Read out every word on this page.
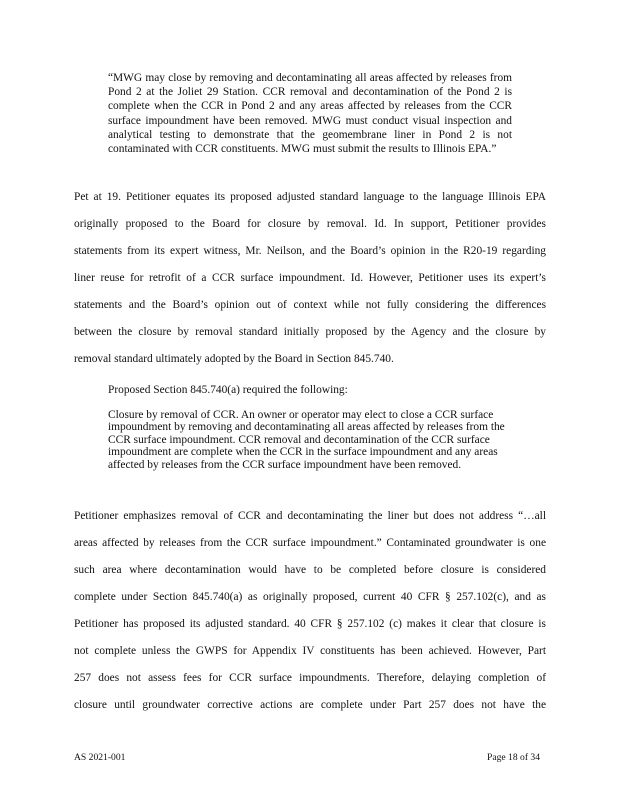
“MWG may close by removing and decontaminating all areas affected by releases from Pond 2 at the Joliet 29 Station. CCR removal and decontamination of the Pond 2 is complete when the CCR in Pond 2 and any areas affected by releases from the CCR surface impoundment have been removed. MWG must conduct visual inspection and analytical testing to demonstrate that the geomembrane liner in Pond 2 is not contaminated with CCR constituents. MWG must submit the results to Illinois EPA.”

Pet at 19. Petitioner equates its proposed adjusted standard language to the language Illinois EPA
originally proposed to the Board for closure by removal. Id. In support, Petitioner provides
statements from its expert witness, Mr. Neilson, and the Board’s opinion in the R20-19 regarding
liner reuse for retrofit of a CCR surface impoundment. Id. However, Petitioner uses its expert’s
statements and the Board’s opinion out of context while not fully considering the differences
between the closure by removal standard initially proposed by the Agency and the closure by
removal standard ultimately adopted by the Board in Section 845.740.
Proposed Section 845.740(a) required the following:

Closure by removal of CCR. An owner or operator may elect to close a CCR surface impoundment by removing and decontaminating all areas affected by releases from the CCR surface impoundment. CCR removal and decontamination of the CCR surface impoundment are complete when the CCR in the surface impoundment and any areas affected by releases from the CCR surface impoundment have been removed.

Petitioner emphasizes removal of CCR and decontaminating the liner but does not address “…all
areas affected by releases from the CCR surface impoundment.” Contaminated groundwater is one
such area where decontamination would have to be completed before closure is considered
complete under Section 845.740(a) as originally proposed, current 40 CFR § 257.102(c), and as
Petitioner has proposed its adjusted standard. 40 CFR § 257.102 (c) makes it clear that closure is
not complete unless the GWPS for Appendix IV constituents has been achieved. However, Part
257 does not assess fees for CCR surface impoundments. Therefore, delaying completion of
closure until groundwater corrective actions are complete under Part 257 does not have the
AS 2021-001	Page 18 of 34
